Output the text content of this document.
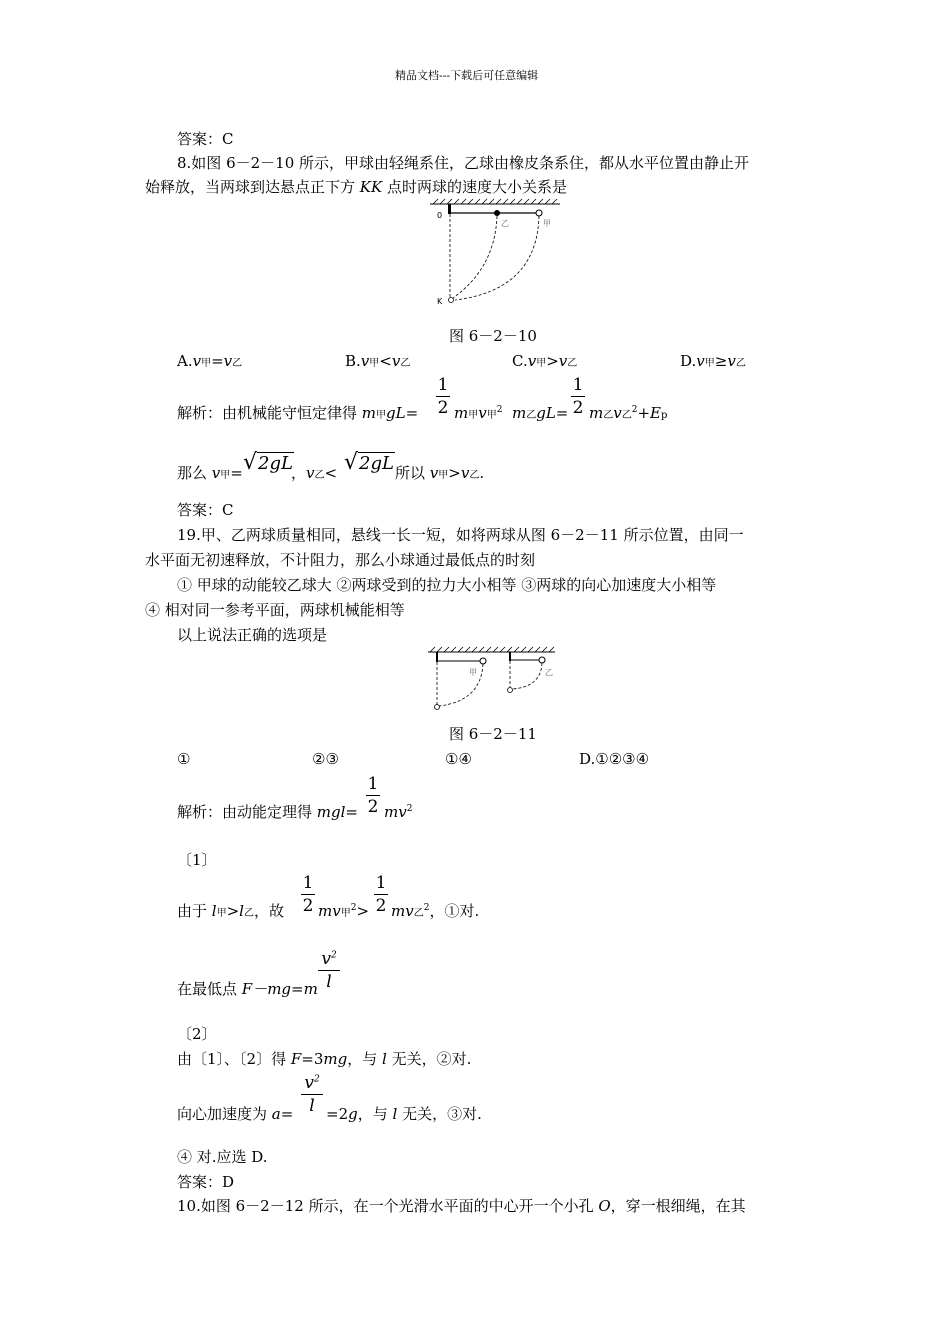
精品文档---下载后可任意编辑
答案：C
8.如图 6－2－10 所示，甲球由轻绳系住，乙球由橡皮条系住，都从水平位置由静止开
始释放，当两球到达悬点正下方 KK 点时两球的速度大小关系是
0
K
乙	甲
图 6－2－10
A.v甲=v乙	B.v甲<v乙	C.v甲>v乙	D.v甲≥v乙
解析：由机械能守恒定律得 m甲gL=
1
2 m甲v甲$^2$ m乙gL=
1
2 m乙v乙$^2$+Ep
那么 v甲= √2gL
，v乙< √2gL 所以 v甲>v乙.
答案：C
19.甲、乙两球质量相同，悬线一长一短，如将两球从图 6－2－11 所示位置，由同一
水平面无初速释放，不计阻力，那么小球通过最低点的时刻
① 甲球的动能较乙球大 ②两球受到的拉力大小相等 ③两球的向心加速度大小相等
④ 相对同一参考平面，两球机械能相等
以上说法正确的选项是
甲	乙
图 6－2－11
①	②③	①④	D.①②③④
解析：由动能定理得 mgl=
1
2 $mv^2$
〔1〕
由于 l甲>l乙，故
1
2 mv甲$^2$>
1
2 mv乙$^2$，①对.
在最低点 F－mg=m
$v^2$
l
〔2〕
由〔1〕、〔2〕得 F=3mg，与 l 无关，②对.
向心加速度为 a=
$v^2$
l =2g，与 l 无关，③对.
④ 对.应选 D.
答案：D
10.如图 6－2－12 所示，在一个光滑水平面的中心开一个小孔 O，穿一根细绳，在其
